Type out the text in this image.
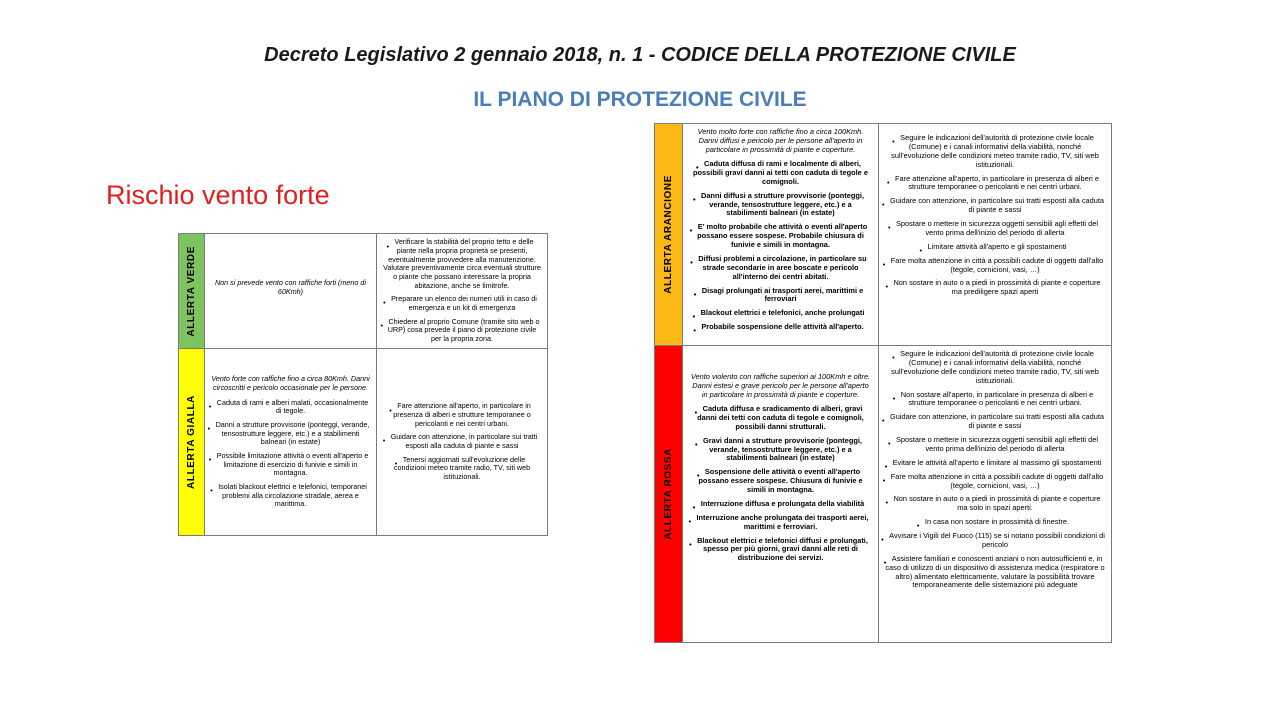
Decreto Legislativo 2 gennaio 2018, n. 1 - CODICE DELLA PROTEZIONE CIVILE
IL PIANO DI PROTEZIONE CIVILE
Rischio vento forte
ALLERTA VERDE	Non si prevede vento con raffiche forti (meno di 60Kmh)

Verificare la stabilità del proprio tetto e delle piante nella propria proprietà se presenti, eventualmente provvedere alla manutenzione. Valutare preventivamente circa eventuali strutture o piante che possano interessare la propria abitazione, anche se limitrofe.
Preparare un elenco dei numeri utili in caso di emergenza e un kit di emergenza
Chiedere al proprio Comune (tramite sito web o URP) cosa prevede il piano di protezione civile per la propria zona.
ALLERTA GIALLA

Vento forte con raffiche fino a circa 80Kmh. Danni circoscritti e pericolo occasionale per le persone.

Caduta di rami e alberi malati, occasionalmente di tegole.
Danni a strutture provvisorie (ponteggi, verande, tensostrutture leggere, etc.) e a stabilimenti balneari (in estate)
Possibile limitazione attività o eventi all'aperto e limitazione di esercizio di funivie e simili in montagna.
Isolati blackout elettrici e telefonici, temporanei problemi alla circolazione stradale, aerea e marittima.
Fare attenzione all'aperto, in particolare in presenza di alberi e strutture temporanee o pericolanti e nei centri urbani.
Guidare con attenzione, in particolare sui tratti esposti alla caduta di piante e sassi
Tenersi aggiornati sull'evoluzione delle condizioni meteo tramite radio, TV, siti web istituzionali.
ALLERTA ARANCIONE

Vento molto forte con raffiche fino a circa 100Kmh. Danni diffusi e pericolo per le persone all'aperto in particolare in prossimità di piante e coperture.

Caduta diffusa di rami e localmente di alberi, possibili gravi danni ai tetti con caduta di tegole e comignoli.
Danni diffusi a strutture provvisorie (ponteggi, verande, tensostrutture leggere, etc.) e a stabilimenti balneari (in estate)
E' molto probabile che attività o eventi all'aperto possano essere sospese. Probabile chiusura di funivie e simili in montagna.
Diffusi problemi a circolazione, in particolare su strade secondarie in aree boscate e pericolo all'interno dei centri abitati.
Disagi prolungati ai trasporti aerei, marittimi e ferroviari
Blackout elettrici e telefonici, anche prolungati
Probabile sospensione delle attività all'aperto.
Seguire le indicazioni dell'autorità di protezione civile locale (Comune) e i canali informativi della viabilità, nonché sull'evoluzione delle condizioni meteo tramite radio, TV, siti web istituzionali.
Fare attenzione all'aperto, in particolare in presenza di alberi e strutture temporanee o pericolanti e nei centri urbani.
Guidare con attenzione, in particolare sui tratti esposti alla caduta di piante e sassi
Spostare o mettere in sicurezza oggetti sensibili agli effetti del vento prima dell'inizio del periodo di allerta
Limitare attività all'aperto e gli spostamenti
Fare molta attenzione in città a possibili cadute di oggetti dall'alto (tegole, cornicioni, vasi, …)
Non sostare in auto o a piedi in prossimità di piante e coperture ma prediligere spazi aperti
ALLERTA ROSSA

Vento violento con raffiche superiori ai 100Kmh e oltre. Danni estesi e grave pericolo per le persone all'aperto in particolare in prossimità di piante e coperture.

Caduta diffusa e sradicamento di alberi, gravi danni dei tetti con caduta di tegole e comignoli, possibili danni strutturali.
Gravi danni a strutture provvisorie (ponteggi, verande, tensostrutture leggere, etc.) e a stabilimenti balneari (in estate)
Sospensione delle attività o eventi all'aperto possano essere sospese. Chiusura di funivie e simili in montagna.
Interruzione diffusa e prolungata della viabilità
Interruzione anche prolungata dei trasporti aerei, marittimi e ferroviari.
Blackout elettrici e telefonici diffusi e prolungati, spesso per più giorni, gravi danni alle reti di distribuzione dei servizi.
Seguire le indicazioni dell'autorità di protezione civile locale (Comune) e i canali informativi della viabilità, nonché sull'evoluzione delle condizioni meteo tramite radio, TV, siti web istituzionali.
Non sostare all'aperto, in particolare in presenza di alberi e strutture temporanee o pericolanti e nei centri urbani.
Guidare con attenzione, in particolare sui tratti esposti alla caduta di piante e sassi
Spostare o mettere in sicurezza oggetti sensibili agli effetti del vento prima dell'inizio del periodo di allerta
Evitare le attività all'aperto e limitare al massimo gli spostamenti
Fare molta attenzione in città a possibili cadute di oggetti dall'alto (tegole, cornicioni, vasi, …)
Non sostare in auto o a piedi in prossimità di piante e coperture ma solo in spazi aperti.
In casa non sostare in prossimità di finestre.
Avvisare i Vigili del Fuoco (115) se si notano possibili condizioni di pericolo
Assistere familiari e conoscenti anziani o non autosufficienti e, in caso di utilizzo di un dispositivo di assistenza medica (respiratore o altro) alimentato elettricamente, valutare la possibilità trovare temporaneamente delle sistemazioni più adeguate
